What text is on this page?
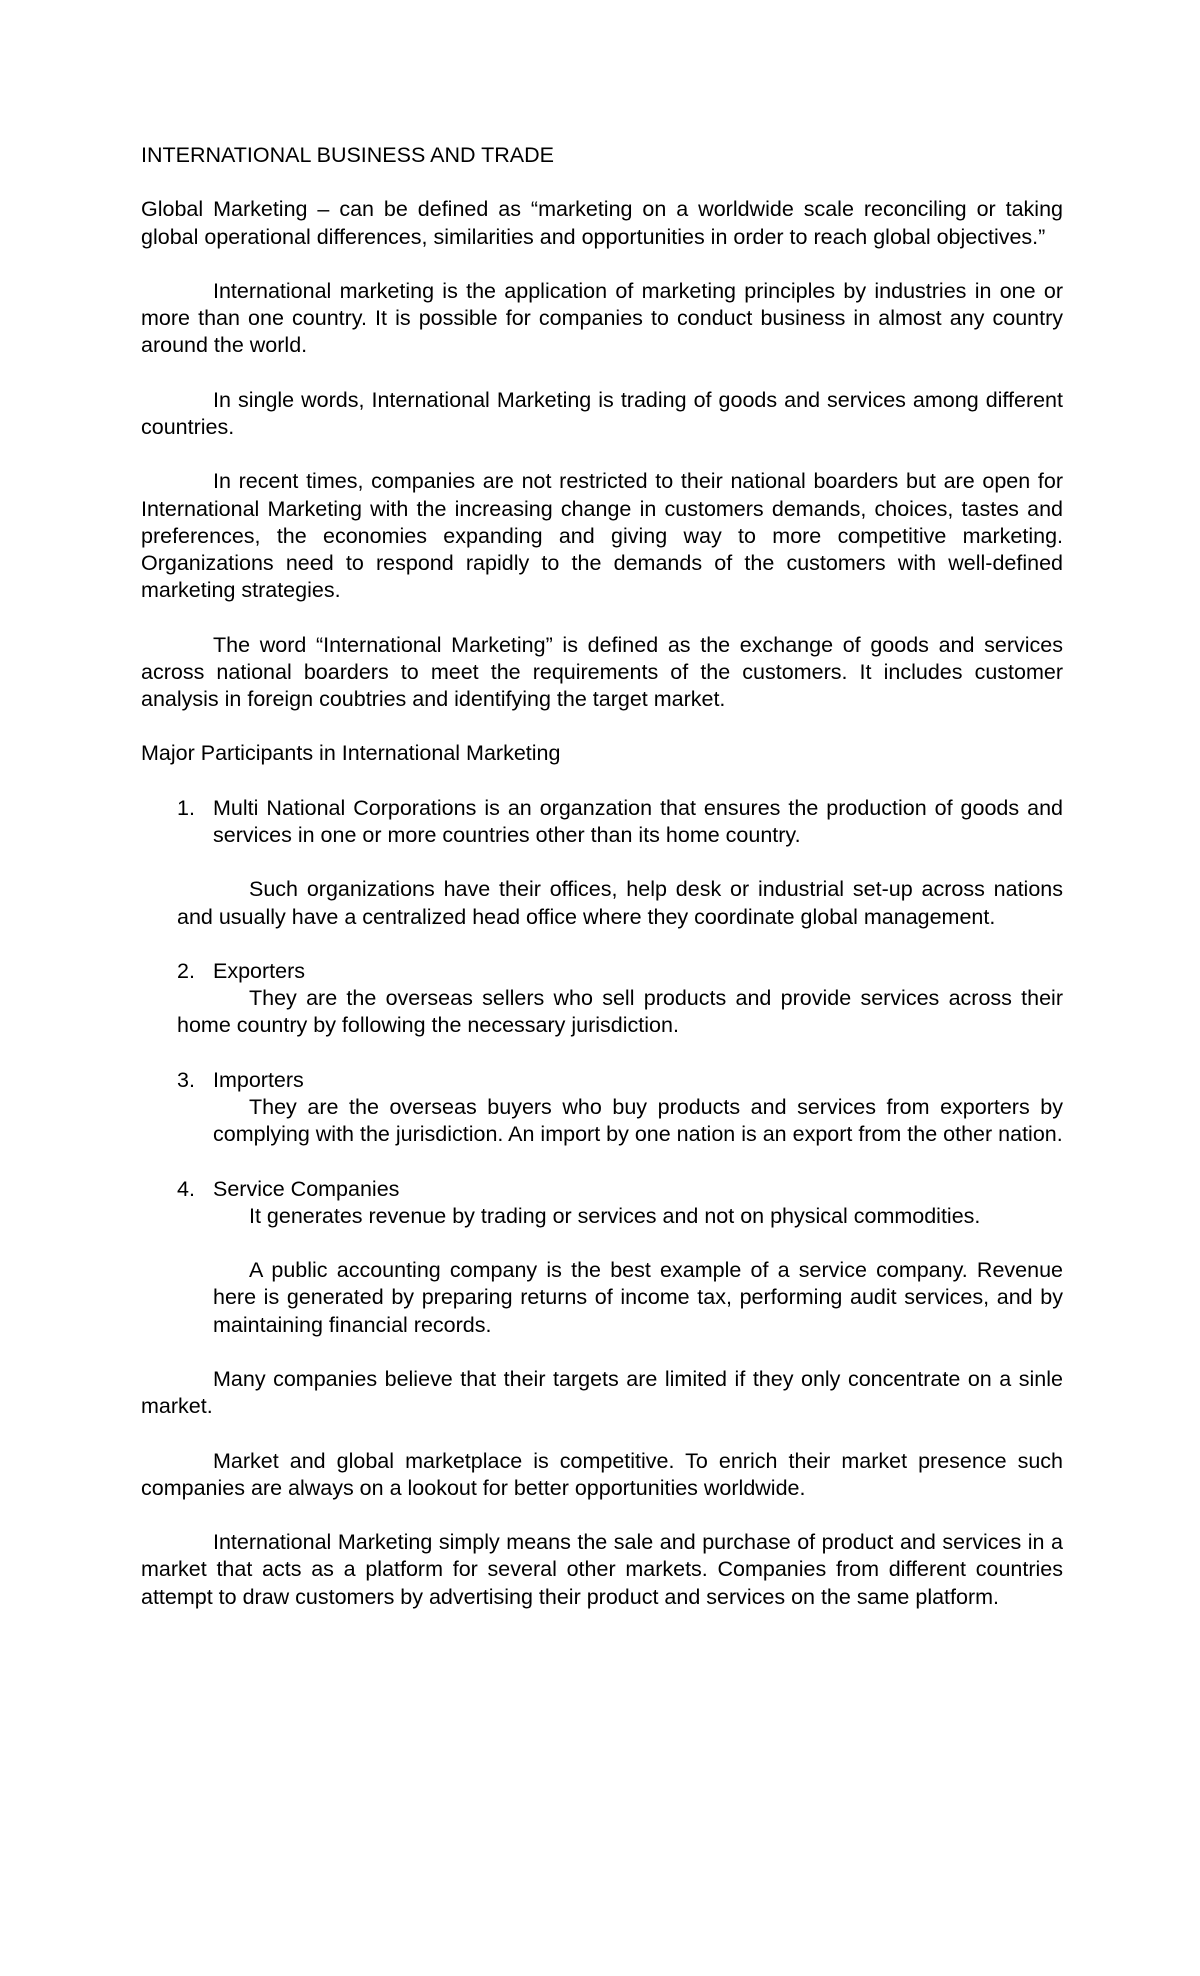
INTERNATIONAL BUSINESS AND TRADE

Global Marketing – can be defined as “marketing on a worldwide scale reconciling or taking global operational differences, similarities and opportunities in order to reach global objectives.”

International marketing is the application of marketing principles by industries in one or more than one country. It is possible for companies to conduct business in almost any country around the world.

In single words, International Marketing is trading of goods and services among different countries.

In recent times, companies are not restricted to their national boarders but are open for International Marketing with the increasing change in customers demands, choices, tastes and preferences, the economies expanding and giving way to more competitive marketing. Organizations need to respond rapidly to the demands of the customers with well-defined marketing strategies.

The word “International Marketing” is defined as the exchange of goods and services across national boarders to meet the requirements of the customers. It includes customer analysis in foreign coubtries and identifying the target market.

Major Participants in International Marketing

1. Multi National Corporations is an organzation that ensures the production of goods and services in one or more countries other than its home country.

Such organizations have their offices, help desk or industrial set-up across nations and usually have a centralized head office where they coordinate global management.

2. Exporters

They are the overseas sellers who sell products and provide services across their home country by following the necessary jurisdiction.

3. Importers

They are the overseas buyers who buy products and services from exporters by complying with the jurisdiction. An import by one nation is an export from the other nation.

4. Service Companies

It generates revenue by trading or services and not on physical commodities.

A public accounting company is the best example of a service company. Revenue here is generated by preparing returns of income tax, performing audit services, and by maintaining financial records.

Many companies believe that their targets are limited if they only concentrate on a sinle market.

Market and global marketplace is competitive. To enrich their market presence such companies are always on a lookout for better opportunities worldwide.

International Marketing simply means the sale and purchase of product and services in a market that acts as a platform for several other markets. Companies from different countries attempt to draw customers by advertising their product and services on the same platform.
